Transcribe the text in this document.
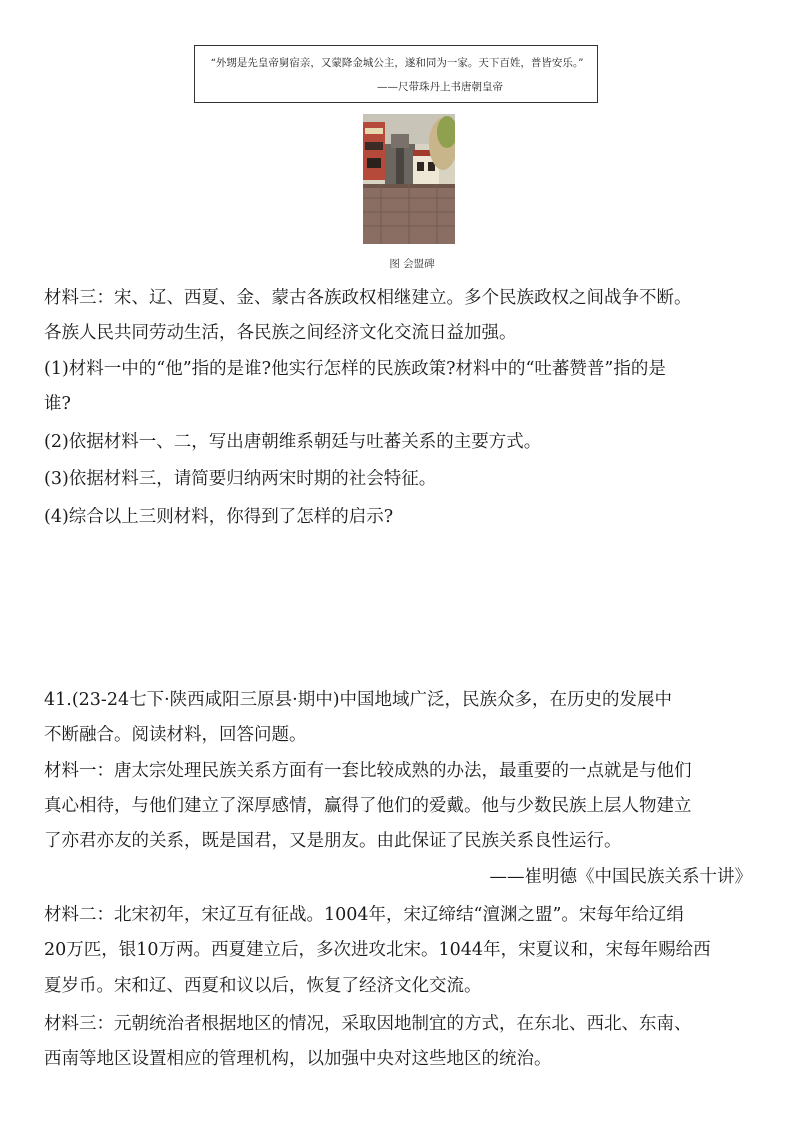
“外甥是先皇帝舅宿亲，又蒙降金城公主，遂和同为一家。天下百姓，普皆安乐。”
——尺带珠丹上书唐朝皇帝
图 会盟碑
材料三：宋、辽、西夏、金、蒙古各族政权相继建立。多个民族政权之间战争不断。
各族人民共同劳动生活，各民族之间经济文化交流日益加强。
(1)材料一中的“他”指的是谁?他实行怎样的民族政策?材料中的“吐蕃赞普”指的是
谁?
(2)依据材料一、二，写出唐朝维系朝廷与吐蕃关系的主要方式。
(3)依据材料三，请简要归纳两宋时期的社会特征。
(4)综合以上三则材料，你得到了怎样的启示?
41.(23-24七下·陕西咸阳三原县·期中)中国地域广泛，民族众多，在历史的发展中
不断融合。阅读材料，回答问题。
材料一：唐太宗处理民族关系方面有一套比较成熟的办法，最重要的一点就是与他们
真心相待，与他们建立了深厚感情，赢得了他们的爱戴。他与少数民族上层人物建立
了亦君亦友的关系，既是国君，又是朋友。由此保证了民族关系良性运行。
——崔明德《中国民族关系十讲》
材料二：北宋初年，宋辽互有征战。1004年，宋辽缔结“澶渊之盟”。宋每年给辽绢
20万匹，银10万两。西夏建立后，多次进攻北宋。1044年，宋夏议和，宋每年赐给西
夏岁币。宋和辽、西夏和议以后，恢复了经济文化交流。
材料三：元朝统治者根据地区的情况，采取因地制宜的方式，在东北、西北、东南、
西南等地区设置相应的管理机构，以加强中央对这些地区的统治。
